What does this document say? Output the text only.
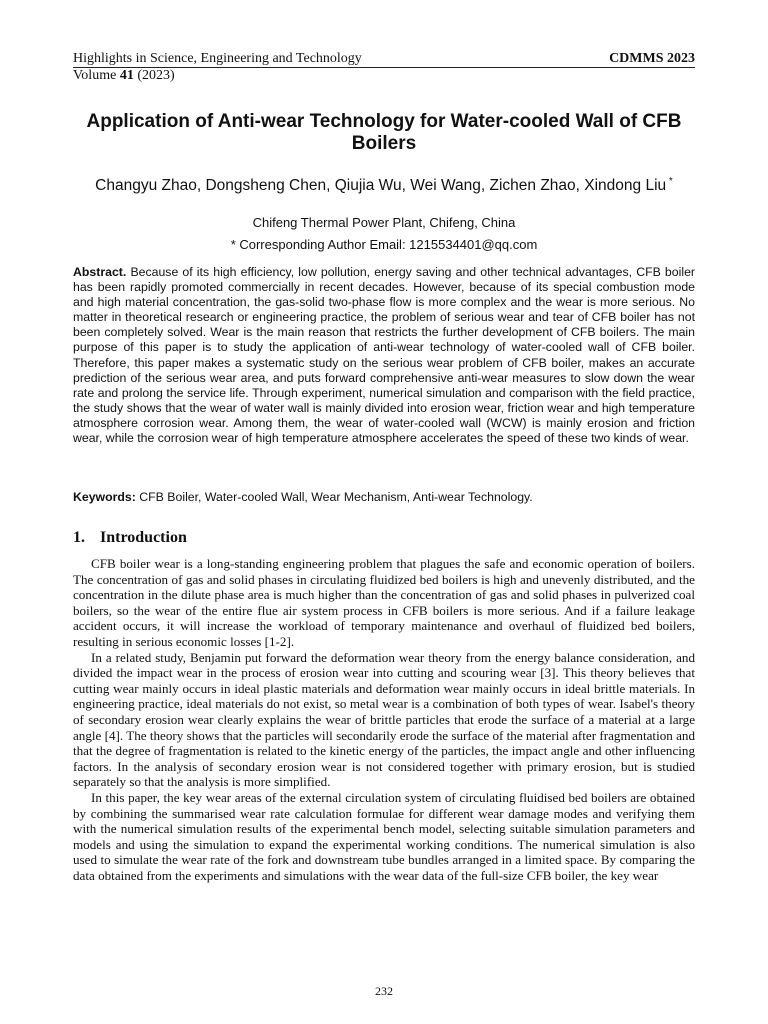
Highlights in Science, Engineering and Technology	CDMMS 2023
Volume 41 (2023)
Application of Anti-wear Technology for Water-cooled Wall of CFB Boilers
Changyu Zhao, Dongsheng Chen, Qiujia Wu, Wei Wang, Zichen Zhao, Xindong Liu *
Chifeng Thermal Power Plant, Chifeng, China
* Corresponding Author Email: 1215534401@qq.com
Abstract. Because of its high efficiency, low pollution, energy saving and other technical advantages, CFB boiler has been rapidly promoted commercially in recent decades. However, because of its special combustion mode and high material concentration, the gas-solid two-phase flow is more complex and the wear is more serious. No matter in theoretical research or engineering practice, the problem of serious wear and tear of CFB boiler has not been completely solved. Wear is the main reason that restricts the further development of CFB boilers. The main purpose of this paper is to study the application of anti-wear technology of water-cooled wall of CFB boiler. Therefore, this paper makes a systematic study on the serious wear problem of CFB boiler, makes an accurate prediction of the serious wear area, and puts forward comprehensive anti-wear measures to slow down the wear rate and prolong the service life. Through experiment, numerical simulation and comparison with the field practice, the study shows that the wear of water wall is mainly divided into erosion wear, friction wear and high temperature atmosphere corrosion wear. Among them, the wear of water-cooled wall (WCW) is mainly erosion and friction wear, while the corrosion wear of high temperature atmosphere accelerates the speed of these two kinds of wear.
Keywords: CFB Boiler, Water-cooled Wall, Wear Mechanism, Anti-wear Technology.
1. Introduction

CFB boiler wear is a long-standing engineering problem that plagues the safe and economic operation of boilers. The concentration of gas and solid phases in circulating fluidized bed boilers is high and unevenly distributed, and the concentration in the dilute phase area is much higher than the concentration of gas and solid phases in pulverized coal boilers, so the wear of the entire flue air system process in CFB boilers is more serious. And if a failure leakage accident occurs, it will increase the workload of temporary maintenance and overhaul of fluidized bed boilers, resulting in serious economic losses [1-2].

In a related study, Benjamin put forward the deformation wear theory from the energy balance consideration, and divided the impact wear in the process of erosion wear into cutting and scouring wear [3]. This theory believes that cutting wear mainly occurs in ideal plastic materials and deformation wear mainly occurs in ideal brittle materials. In engineering practice, ideal materials do not exist, so metal wear is a combination of both types of wear. Isabel's theory of secondary erosion wear clearly explains the wear of brittle particles that erode the surface of a material at a large angle [4]. The theory shows that the particles will secondarily erode the surface of the material after fragmentation and that the degree of fragmentation is related to the kinetic energy of the particles, the impact angle and other influencing factors. In the analysis of secondary erosion wear is not considered together with primary erosion, but is studied separately so that the analysis is more simplified.

In this paper, the key wear areas of the external circulation system of circulating fluidised bed boilers are obtained by combining the summarised wear rate calculation formulae for different wear damage modes and verifying them with the numerical simulation results of the experimental bench model, selecting suitable simulation parameters and models and using the simulation to expand the experimental working conditions. The numerical simulation is also used to simulate the wear rate of the fork and downstream tube bundles arranged in a limited space. By comparing the data obtained from the experiments and simulations with the wear data of the full-size CFB boiler, the key wear

232
